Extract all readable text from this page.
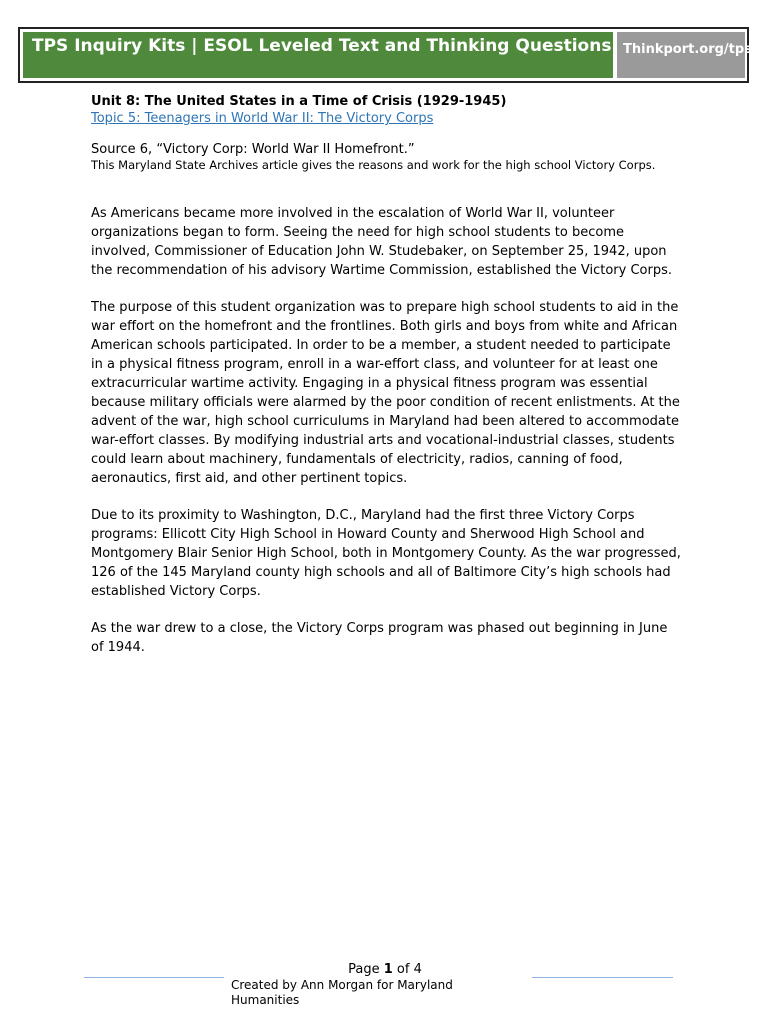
TPS Inquiry Kits | ESOL Leveled Text and Thinking Questions Thinkport.org/tps
Unit 8: The United States in a Time of Crisis (1929-1945)
Topic 5: Teenagers in World War II: The Victory Corps
Source 6, “Victory Corp: World War II Homefront.”
This Maryland State Archives article gives the reasons and work for the high school Victory Corps.

As Americans became more involved in the escalation of World War II, volunteer organizations began to form. Seeing the need for high school students to become involved, Commissioner of Education John W. Studebaker, on September 25, 1942, upon the recommendation of his advisory Wartime Commission, established the Victory Corps.

The purpose of this student organization was to prepare high school students to aid in the war effort on the homefront and the frontlines. Both girls and boys from white and African American schools participated. In order to be a member, a student needed to participate in a physical fitness program, enroll in a war-effort class, and volunteer for at least one extracurricular wartime activity. Engaging in a physical fitness program was essential because military officials were alarmed by the poor condition of recent enlistments. At the advent of the war, high school curriculums in Maryland had been altered to accommodate war-effort classes. By modifying industrial arts and vocational-industrial classes, students could learn about machinery, fundamentals of electricity, radios, canning of food, aeronautics, first aid, and other pertinent topics.

Due to its proximity to Washington, D.C., Maryland had the first three Victory Corps programs: Ellicott City High School in Howard County and Sherwood High School and Montgomery Blair Senior High School, both in Montgomery County. As the war progressed, 126 of the 145 Maryland county high schools and all of Baltimore City’s high schools had established Victory Corps.

As the war drew to a close, the Victory Corps program was phased out beginning in June of 1944.

Page 1 of 4
Created by Ann Morgan for Maryland Humanities
